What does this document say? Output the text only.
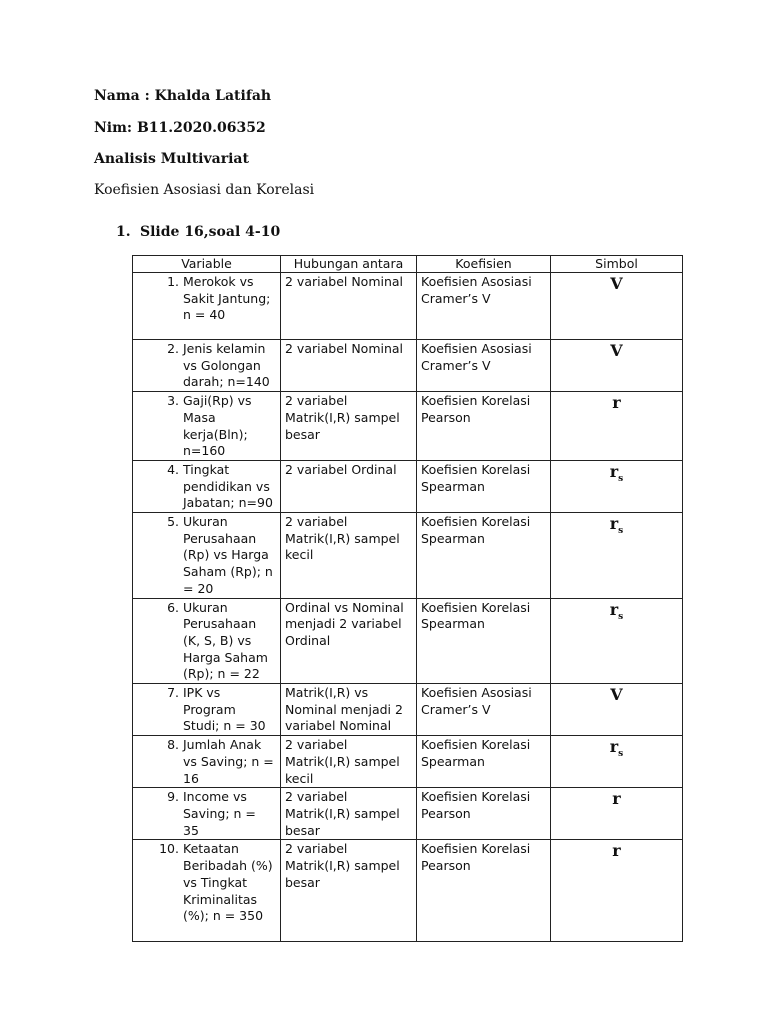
Nama : Khalda Latifah
Nim: B11.2020.06352
Analisis Multivariat
Koefisien Asosiasi dan Korelasi
1. Slide 16,soal 4-10
Variable	Hubungan antara	Koefisien	Simbol

1. Merokok vs Sakit Jantung; n = 40	2 variabel Nominal	Koefisien Asosiasi Cramer’s V	V

2. Jenis kelamin vs Golongan darah; n=140	2 variabel Nominal	Koefisien Asosiasi Cramer’s V	V

3. Gaji(Rp) vs Masa kerja(Bln); n=160	2 variabel Matrik(I,R) sampel besar	Koefisien Korelasi Pearson	r

4. Tingkat pendidikan vs Jabatan; n=90	2 variabel Ordinal	Koefisien Korelasi Spearman	$r_s$

5. Ukuran Perusahaan (Rp) vs Harga Saham (Rp); n = 20	2 variabel Matrik(I,R) sampel kecil	Koefisien Korelasi Spearman	$r_s$

6. Ukuran Perusahaan (K, S, B) vs Harga Saham (Rp); n = 22	Ordinal vs Nominal menjadi 2 variabel Ordinal	Koefisien Korelasi Spearman	$r_s$

7. IPK vs Program Studi; n = 30	Matrik(I,R) vs Nominal menjadi 2 variabel Nominal	Koefisien Asosiasi Cramer’s V	V

8. Jumlah Anak vs Saving; n = 16	2 variabel Matrik(I,R) sampel kecil	Koefisien Korelasi Spearman	$r_s$

9. Income vs Saving; n = 35	2 variabel Matrik(I,R) sampel besar	Koefisien Korelasi Pearson	r

10. Ketaatan Beribadah (%) vs Tingkat Kriminalitas (%); n = 350	2 variabel Matrik(I,R) sampel besar	Koefisien Korelasi Pearson	r
